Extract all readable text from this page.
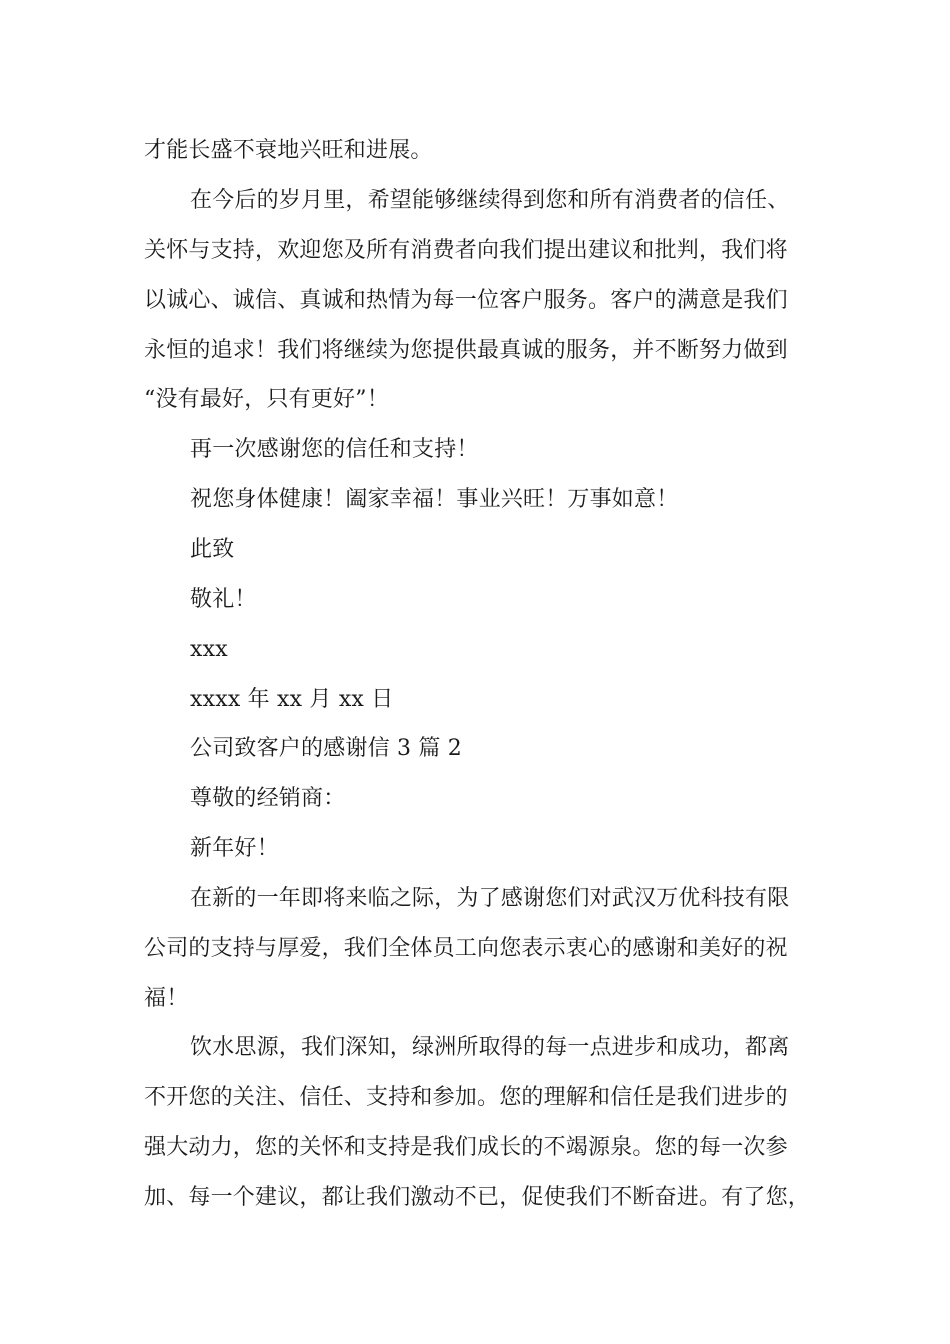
才能长盛不衰地兴旺和进展。
在今后的岁月里，希望能够继续得到您和所有消费者的信任、
关怀与支持，欢迎您及所有消费者向我们提出建议和批判，我们将
以诚心、诚信、真诚和热情为每一位客户服务。客户的满意是我们
永恒的追求！我们将继续为您提供最真诚的服务，并不断努力做到
“没有最好，只有更好”！
再一次感谢您的信任和支持！
祝您身体健康！阖家幸福！事业兴旺！万事如意！
此致
敬礼！
xxx
xxxx 年 xx 月 xx 日
公司致客户的感谢信 3 篇 2
尊敬的经销商：
新年好！
在新的一年即将来临之际，为了感谢您们对武汉万优科技有限
公司的支持与厚爱，我们全体员工向您表示衷心的感谢和美好的祝
福！
饮水思源，我们深知，绿洲所取得的每一点进步和成功，都离
不开您的关注、信任、支持和参加。您的理解和信任是我们进步的
强大动力，您的关怀和支持是我们成长的不竭源泉。您的每一次参
加、每一个建议，都让我们激动不已，促使我们不断奋进。有了您，
